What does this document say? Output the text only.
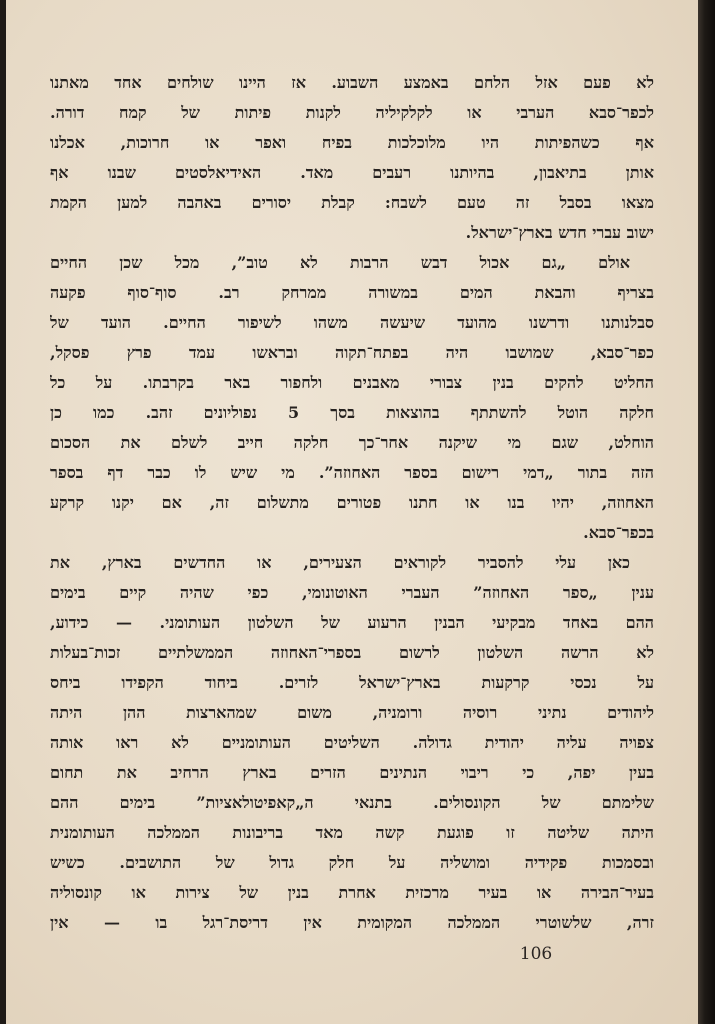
לא פעם אזל הלחם באמצע השבוע. אז היינו שולחים אחד מאתנו
לכפר־סבא הערבי או לקלקיליה לקנות פיתות של קמח דורה.
אף כשהפיתות היו מלוכלכות בפיח ואפר או חרוכות, אכלנו
אותן בתיאבון, בהיותנו רעבים מאד. האידיאלסטים שבנו אף
מצאו בסבל זה טעם לשבח: קבלת יסורים באהבה למען הקמת
ישוב עברי חדש בארץ־ישראל.
אולם „גם אכול דבש הרבות לא טוב”, מכל שכן החיים
בצריף והבאת המים במשורה ממרחק רב. סוף־סוף פקעה
סבלנותנו ודרשנו מהועד שיעשה משהו לשיפור החיים. הועד של
כפר־סבא, שמושבו היה בפתח־תקוה ובראשו עמד פרץ פסקל,
החליט להקים בנין צבורי מאבנים ולחפור באר בקרבתו. על כל
חלקה הוטל להשתתף בהוצאות בסך 5 נפוליונים זהב. כמו כן
הוחלט, שגם מי שיקנה אחר־כך חלקה חייב לשלם את הסכום
הזה בתור „דמי רישום בספר האחוזה”. מי שיש לו כבר דף בספר
האחוזה, יהיו בנו או חתנו פטורים מתשלום זה, אם יקנו קרקע
בכפר־סבא.
כאן עלי להסביר לקוראים הצעירים, או החדשים בארץ, את
ענין „ספר האחוזה” העברי האוטונומי, כפי שהיה קיים בימים
ההם באחד מבקיעי הבנין הרעוע של השלטון העותומני. — כידוע,
לא הרשה השלטון לרשום בספרי־האחוזה הממשלתיים זכות־בעלות
על נכסי קרקעות בארץ־ישראל לזרים. ביחוד הקפידו ביחס
ליהודים נתיני רוסיה ורומניה, משום שמהארצות ההן היתה
צפויה עליה יהודית גדולה. השליטים העותומניים לא ראו אותה
בעין יפה, כי ריבוי הנתינים הזרים בארץ הרחיב את תחום
שלימתם של הקונסולים. בתנאי ה„קאפיטולאציות” בימים ההם
היתה שליטה זו פוגעת קשה מאד בריבונות הממלכה העותומנית
ובסמכות פקידיה ומושליה על חלק גדול של התושבים. כשיש
בעיר־הבירה או בעיר מרכזית אחרת בנין של צירות או קונסוליה
זרה, שלשוטרי הממלכה המקומית אין דריסת־רגל בו — אין
106
